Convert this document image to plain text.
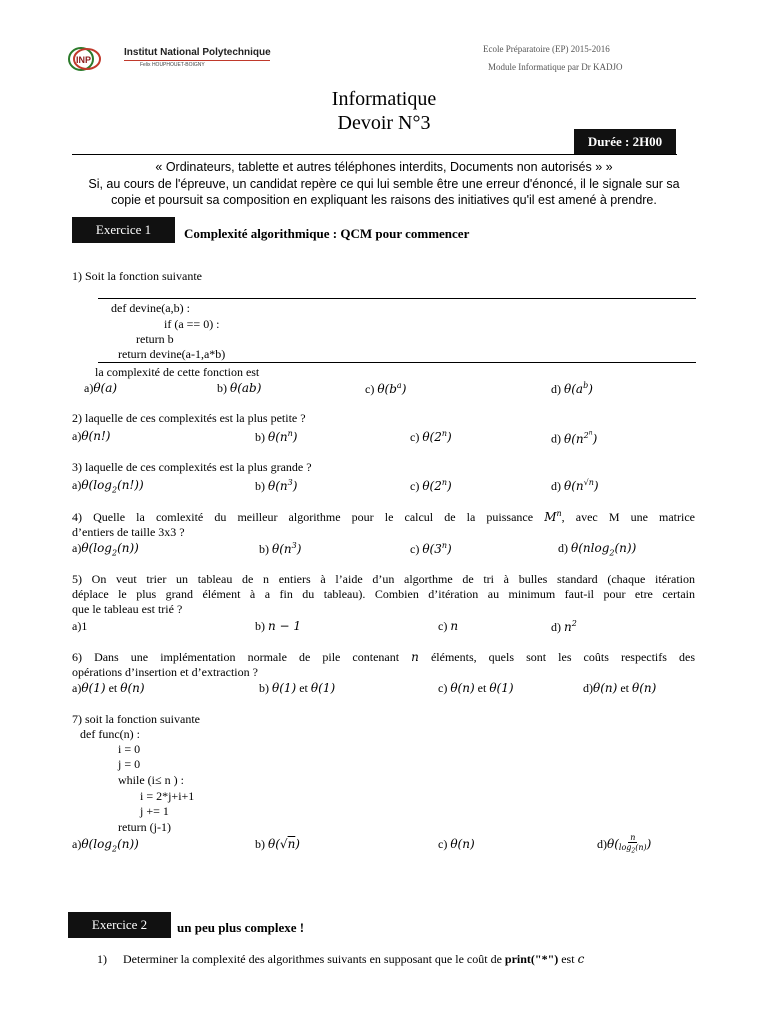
INP
Institut National Polytechnique
Felix HOUPHOUET-BOIGNY
Ecole Préparatoire (EP) 2015-2016
Module Informatique par Dr KADJO
Informatique
Devoir N°3
Durée : 2H00
« Ordinateurs, tablette et autres téléphones interdits, Documents non autorisés » »
Si, au cours de l'épreuve, un candidat repère ce qui lui semble être une erreur d'énoncé, il le signale sur sa
copie et poursuit sa composition en expliquant les raisons des initiatives qu'il est amené à prendre.
Exercice 1	Complexité algorithmique : QCM pour commencer
1) Soit la fonction suivante
def devine(a,b) :
if (a == 0) :
return b
return devine(a-1,a*b)
la complexité de cette fonction est
a)θ(a)	b) θ(ab)	c) $\theta(b^a)$	d) $\theta(a^b)$
2) laquelle de ces complexités est la plus petite ?
a)θ(n!)	b) $\theta(n^n)$	c) θ(2$^n$)	d) $\theta(n^{2^n})$
3) laquelle de ces complexités est la plus grande ?
$a)\theta(\log_2(n!))$	b) $\theta(n^3)$	c) θ(2$^n$)	d) $\theta(n^{√n})$
4) Quelle la comlexité du meilleur algorithme pour le calcul de la puissance $M^n$, avec M une matrice
d’entiers de taille 3x3 ?
$a)\theta(\log_2(n))$	b) $\theta(n^3)$	c) θ(3$^n$)	d) θ(nlog$_2$(n))
5) On veut trier un tableau de n entiers à l’aide d’un algorthme de tri à bulles standard (chaque itération
déplace le plus grand élément à a fin du tableau). Combien d’itération au minimum faut-il pour etre certain
que le tableau est trié ?
a)1	b) n − 1	c) n	d) $n^2$
6) Dans une implémentation normale de pile contenant n éléments, quels sont les coûts respectifs des
opérations d’insertion et d’extraction ?
a)θ(1) et θ(n)	b) θ(1) et θ(1)	c) θ(n) et θ(1)	d)θ(n) et θ(n)
7) soit la fonction suivante
def func(n) :
i = 0
j = 0
while (i≤ n ) :
i = 2*j+i+1
j += 1
return (j-1)
$a)\theta(\log_2(n))$	b) θ(√n)	c) θ(n)	d) θ( n
$\log_2(n)$ )
Exercice 2	un peu plus complexe !
1) Determiner la complexité des algorithmes suivants en supposant que le coût de print("*") est c
